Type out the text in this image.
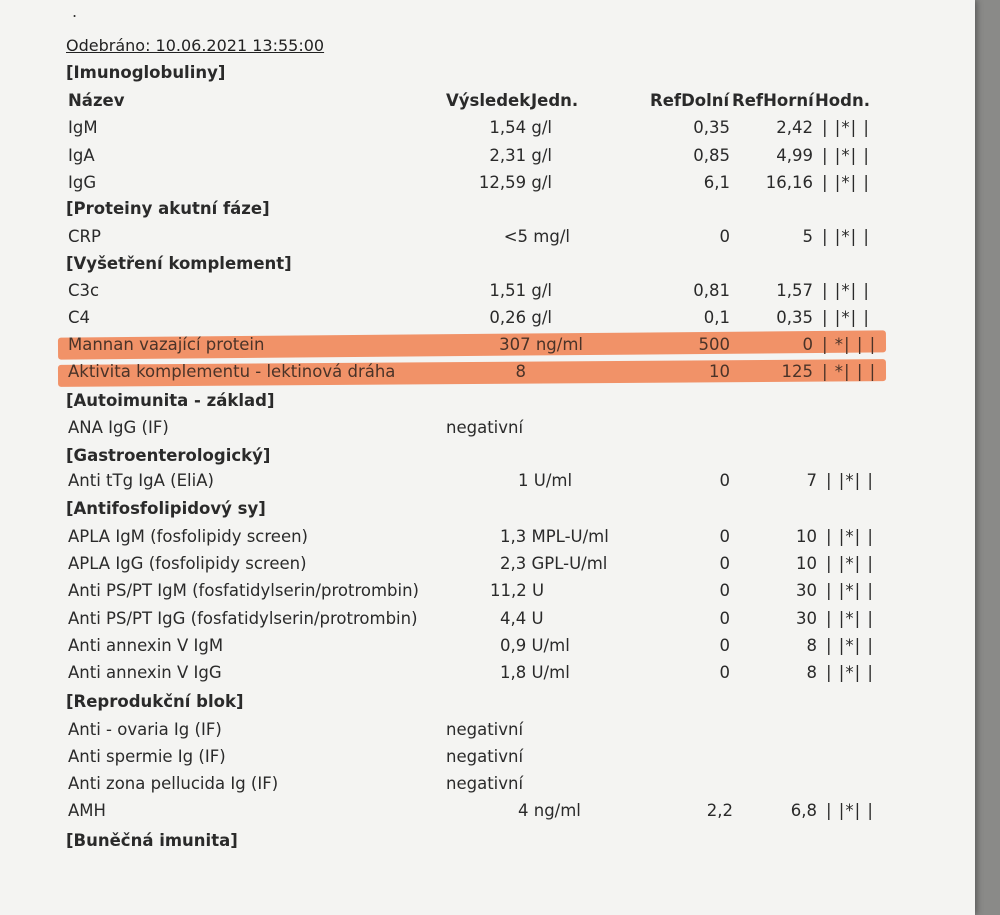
.
Odebráno: 10.06.2021 13:55:00
[Imunoglobuliny]
Název	Výsledek Jedn.	RefDolní RefHorní Hodn.
IgM	1,54 g/l	0,35	2,42 | |*| |
IgA	2,31 g/l	0,85	4,99 | |*| |
IgG	12,59 g/l	6,1 16,16 | |*| |
[Proteiny akutní fáze]
CRP	<5 mg/l	0	5 | |*| |
[Vyšetření komplement]
C3c	1,51 g/l	0,81	1,57 | |*| |
C4	0,26 g/l	0,1	0,35 | |*| |
Mannan vazající protein	307 ng/ml	500	0 | *| | |
Aktivita komplementu - lektinová dráha	8	10	125 | *| | |
[Autoimunita - základ]
ANA IgG (IF)	negativní
[Gastroenterologický]
Anti tTg IgA (EliA)	1 U/ml	0	7 | |*| |
[Antifosfolipidový sy]
APLA IgM (fosfolipidy screen)	1,3 MPL-U/ml	0	10 | |*| |
APLA IgG (fosfolipidy screen)	2,3 GPL-U/ml	0	10 | |*| |
Anti PS/PT IgM (fosfatidylserin/protrombin)	11,2 U	0	30 | |*| |
Anti PS/PT IgG (fosfatidylserin/protrombin)	4,4 U	0	30 | |*| |
Anti annexin V IgM	0,9 U/ml	0	8 | |*| |
Anti annexin V IgG	1,8 U/ml	0	8 | |*| |
[Reprodukční blok]
Anti - ovaria Ig (IF)	negativní
Anti spermie Ig (IF)	negativní
Anti zona pellucida Ig (IF)	negativní
AMH	4 ng/ml	2,2	6,8 | |*| |
[Buněčná imunita]
